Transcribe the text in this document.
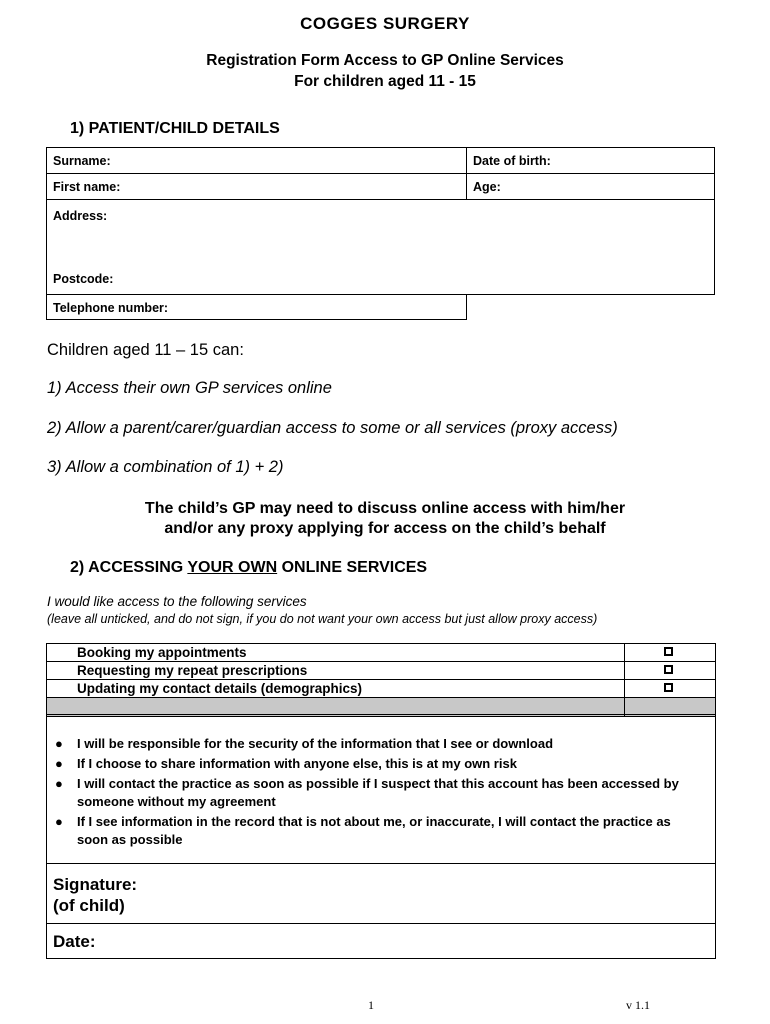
COGGES SURGERY
Registration Form Access to GP Online Services
For children aged 11 - 15
1) PATIENT/CHILD DETAILS
Surname:	Date of birth:
First name:	Age:
Address:
Postcode:
Telephone number:
Children aged 11 – 15 can:
1) Access their own GP services online
2) Allow a parent/carer/guardian access to some or all services (proxy access)
3) Allow a combination of 1) + 2)
The child’s GP may need to discuss online access with him/her
and/or any proxy applying for access on the child’s behalf
2) ACCESSING YOUR OWN ONLINE SERVICES
I would like access to the following services
(leave all unticked, and do not sign, if you do not want your own access but just allow proxy access)
Booking my appointments
Requesting my repeat prescriptions
Updating my contact details (demographics)
● I will be responsible for the security of the information that I see or download
● If I choose to share information with anyone else, this is at my own risk
● I will contact the practice as soon as possible if I suspect that this account has been accessed by someone without my agreement
● If I see information in the record that is not about me, or inaccurate, I will contact the practice as soon as possible
Signature:
(of child)
Date:
1	v 1.1
